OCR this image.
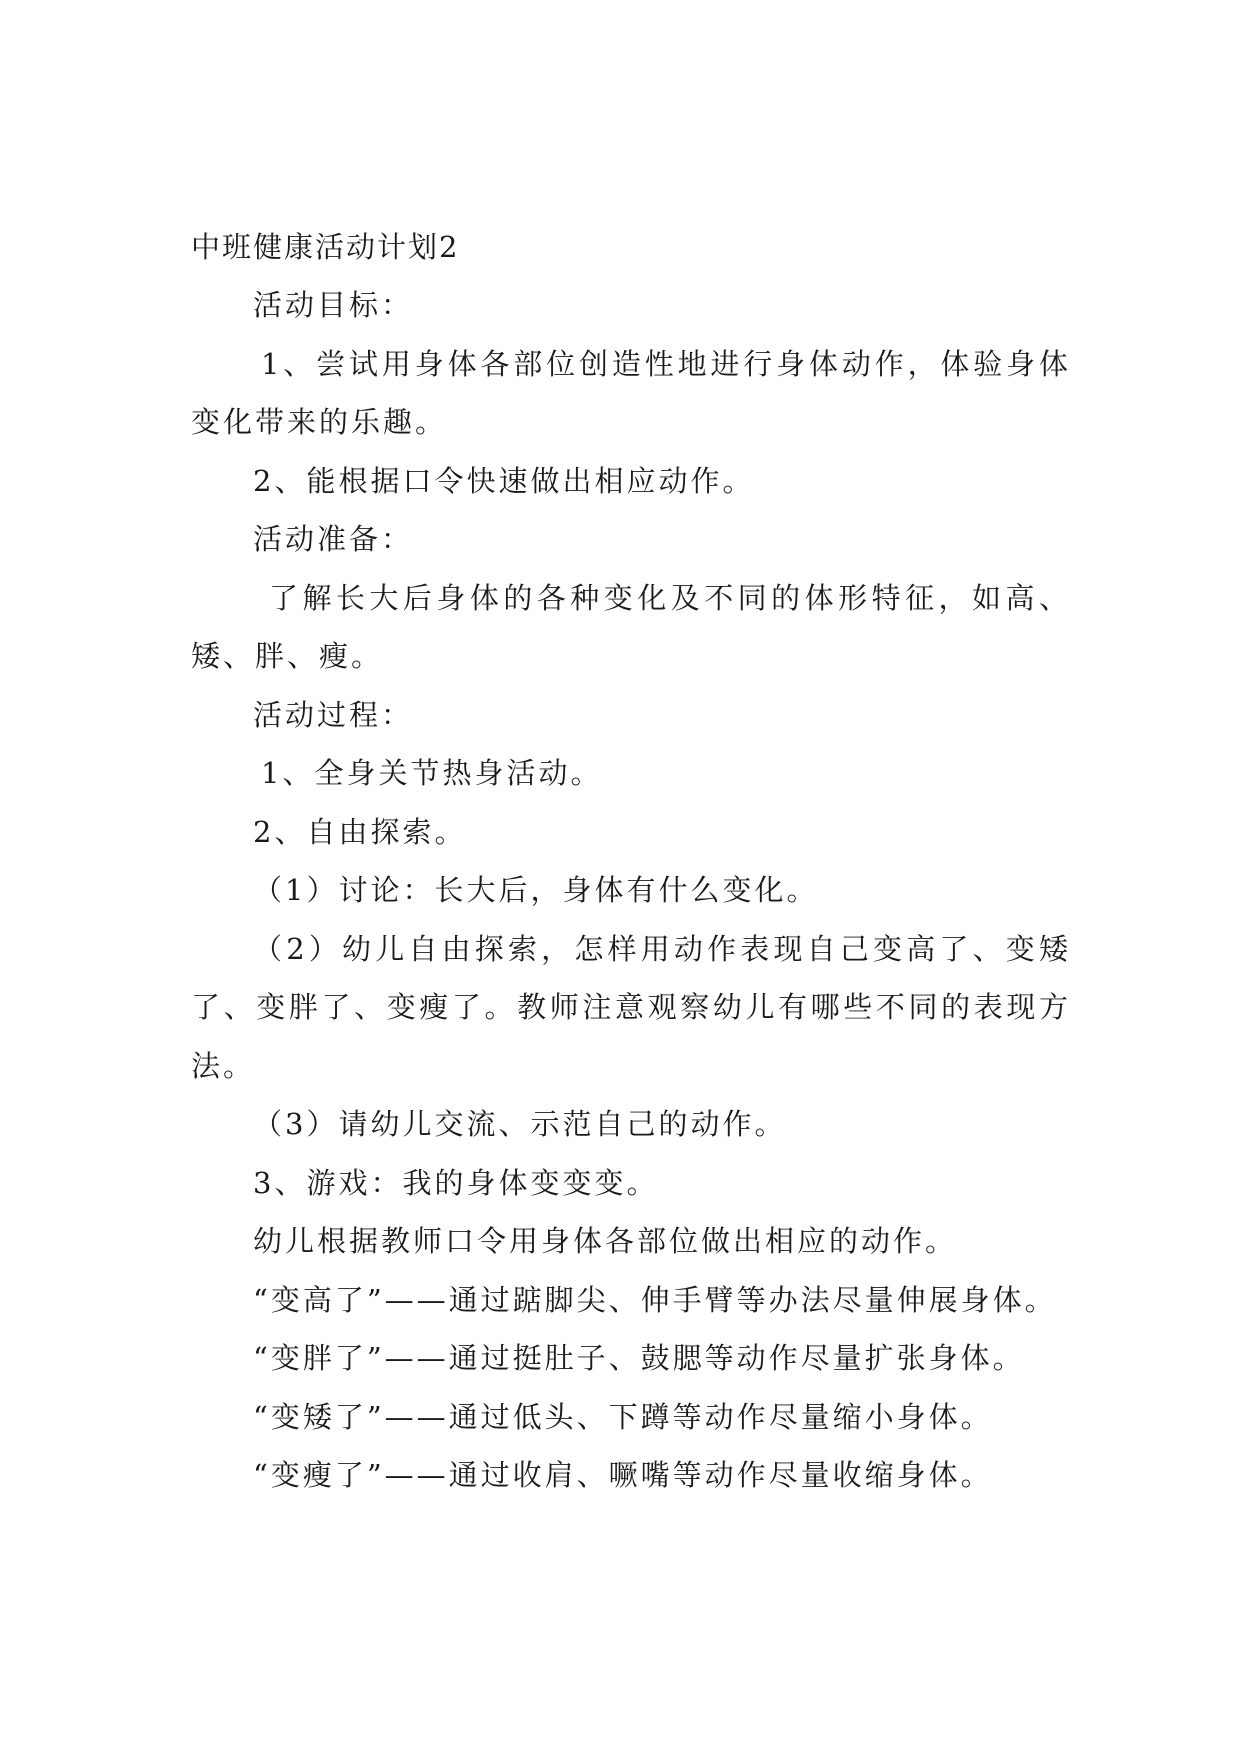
中班健康活动计划2

活动目标：

1、尝试用身体各部位创造性地进行身体动作，体验身体变化带来的乐趣。

2、能根据口令快速做出相应动作。

活动准备：

了解长大后身体的各种变化及不同的体形特征，如高、矮、胖、瘦。

活动过程：

1、全身关节热身活动。

2、自由探索。

（1）讨论：长大后，身体有什么变化。

（2）幼儿自由探索，怎样用动作表现自己变高了、变矮了、变胖了、变瘦了。教师注意观察幼儿有哪些不同的表现方法。

（3）请幼儿交流、示范自己的动作。

3、游戏：我的身体变变变。

幼儿根据教师口令用身体各部位做出相应的动作。

“变高了”——通过踮脚尖、伸手臂等办法尽量伸展身体。

“变胖了”——通过挺肚子、鼓腮等动作尽量扩张身体。

“变矮了”——通过低头、下蹲等动作尽量缩小身体。

“变瘦了”——通过收肩、噘嘴等动作尽量收缩身体。
